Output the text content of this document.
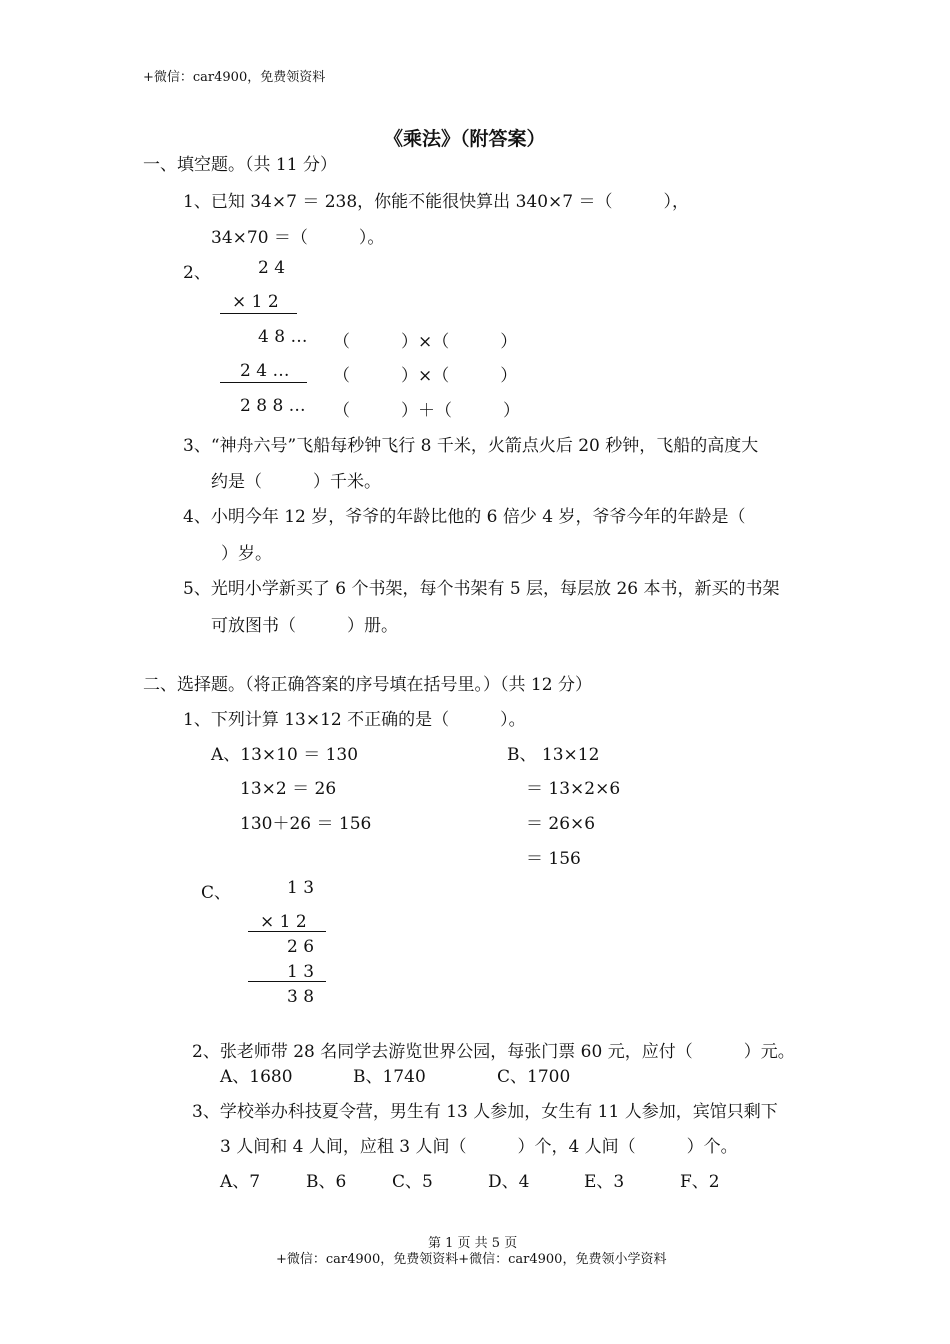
+微信：car4900，免费领资料
《乘法》（附答案）
一、填空题。（共 11 分）
1、已知 34×7 ＝ 238，你能不能很快算出 340×7 ＝（　　　），
34×70 ＝（　　　）。
2、	2 4
× 1 2
4 8 … （　　　）×（　　　）
2 4 …	（　　　）×（　　　）
2 8 8 … （　　　）＋（　　　）
3、“神舟六号”飞船每秒钟飞行 8 千米，火箭点火后 20 秒钟，飞船的高度大
约是（　　　）千米。
4、小明今年 12 岁，爷爷的年龄比他的 6 倍少 4 岁，爷爷今年的年龄是（
）岁。
5、光明小学新买了 6 个书架，每个书架有 5 层，每层放 26 本书，新买的书架
可放图书（　　　）册。
二、选择题。（将正确答案的序号填在括号里。）（共 12 分）
1、下列计算 13×12 不正确的是（　　　）。
A、13×10 ＝ 130
13×2 ＝ 26
130＋26 ＝ 156
B、 13×12
＝ 13×2×6
＝ 26×6
＝ 156
C、	1 3
× 1 2
2 6
1 3
3 8
2、张老师带 28 名同学去游览世界公园，每张门票 60 元，应付（　　　）元。
A、1680	B、1740	C、1700
3、学校举办科技夏令营，男生有 13 人参加，女生有 11 人参加，宾馆只剩下
3 人间和 4 人间，应租 3 人间（　　　）个，4 人间（　　　）个。
A、7	B、6	C、5	D、4	E、3	F、2
第 1 页 共 5 页
+微信：car4900，免费领资料+微信：car4900，免费领小学资料
